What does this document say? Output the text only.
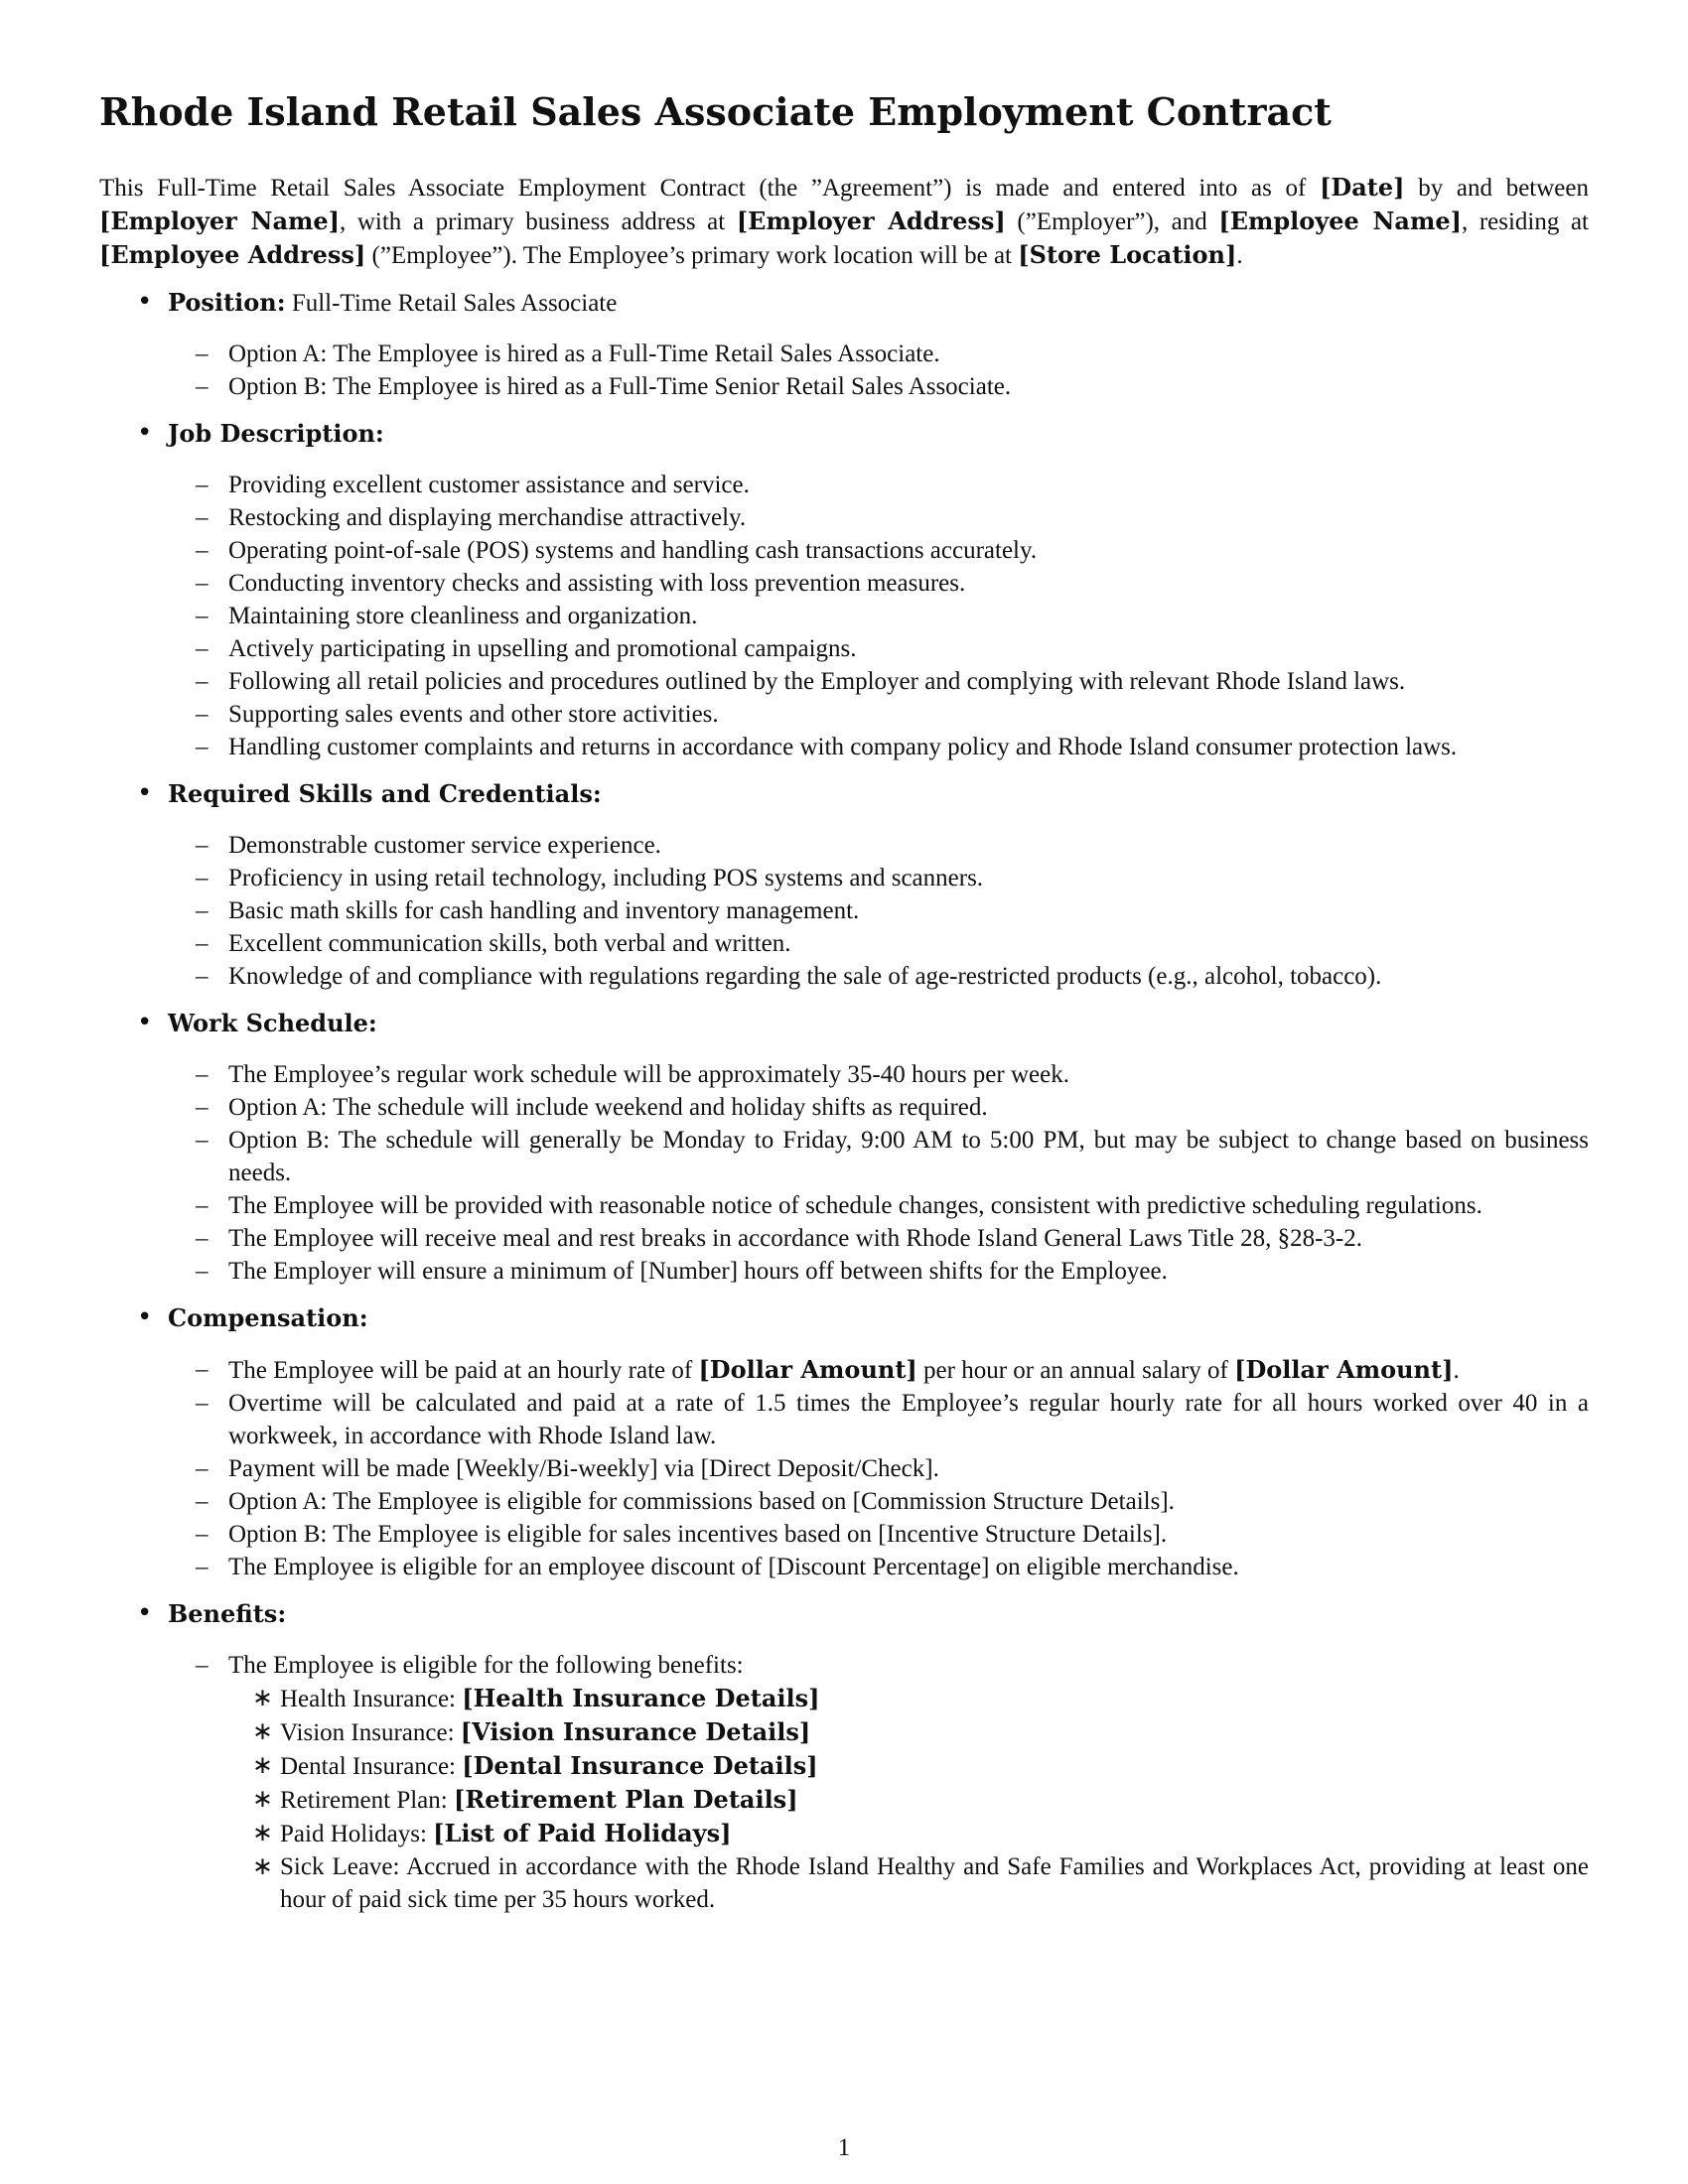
Rhode Island Retail Sales Associate Employment Contract

This Full-Time Retail Sales Associate Employment Contract (the ”Agreement”) is made and entered into as of [Date] by and between [Employer Name], with a primary business address at [Employer Address] (”Employer”), and [Employee Name], residing at [Employee Address] (”Employee”). The Employee’s primary work location will be at [Store Location].

• Position: Full-Time Retail Sales Associate
– Option A: The Employee is hired as a Full-Time Retail Sales Associate.
– Option B: The Employee is hired as a Full-Time Senior Retail Sales Associate.
• Job Description:
– Providing excellent customer assistance and service.
– Restocking and displaying merchandise attractively.
– Operating point-of-sale (POS) systems and handling cash transactions accurately.
– Conducting inventory checks and assisting with loss prevention measures.
– Maintaining store cleanliness and organization.
– Actively participating in upselling and promotional campaigns.
– Following all retail policies and procedures outlined by the Employer and complying with relevant Rhode Island laws.
– Supporting sales events and other store activities.
– Handling customer complaints and returns in accordance with company policy and Rhode Island consumer protection laws.
• Required Skills and Credentials:
– Demonstrable customer service experience.
– Proficiency in using retail technology, including POS systems and scanners.
– Basic math skills for cash handling and inventory management.
– Excellent communication skills, both verbal and written.
– Knowledge of and compliance with regulations regarding the sale of age-restricted products (e.g., alcohol, tobacco).
• Work Schedule:
– The Employee’s regular work schedule will be approximately 35-40 hours per week.
– Option A: The schedule will include weekend and holiday shifts as required.
– Option B: The schedule will generally be Monday to Friday, 9:00 AM to 5:00 PM, but may be subject to change based on business needs.
– The Employee will be provided with reasonable notice of schedule changes, consistent with predictive scheduling regulations.
– The Employee will receive meal and rest breaks in accordance with Rhode Island General Laws Title 28, §28-3-2.
– The Employer will ensure a minimum of [Number] hours off between shifts for the Employee.
• Compensation:
– The Employee will be paid at an hourly rate of [Dollar Amount] per hour or an annual salary of [Dollar Amount].
– Overtime will be calculated and paid at a rate of 1.5 times the Employee’s regular hourly rate for all hours worked over 40 in a workweek, in accordance with Rhode Island law.
– Payment will be made [Weekly/Bi-weekly] via [Direct Deposit/Check].
– Option A: The Employee is eligible for commissions based on [Commission Structure Details].
– Option B: The Employee is eligible for sales incentives based on [Incentive Structure Details].
– The Employee is eligible for an employee discount of [Discount Percentage] on eligible merchandise.
• Benefits:
– The Employee is eligible for the following benefits:
∗ Health Insurance: [Health Insurance Details]
∗ Vision Insurance: [Vision Insurance Details]
∗ Dental Insurance: [Dental Insurance Details]
∗ Retirement Plan: [Retirement Plan Details]
∗ Paid Holidays: [List of Paid Holidays]
∗ Sick Leave: Accrued in accordance with the Rhode Island Healthy and Safe Families and Workplaces Act, providing at least one hour of paid sick time per 35 hours worked.
1
